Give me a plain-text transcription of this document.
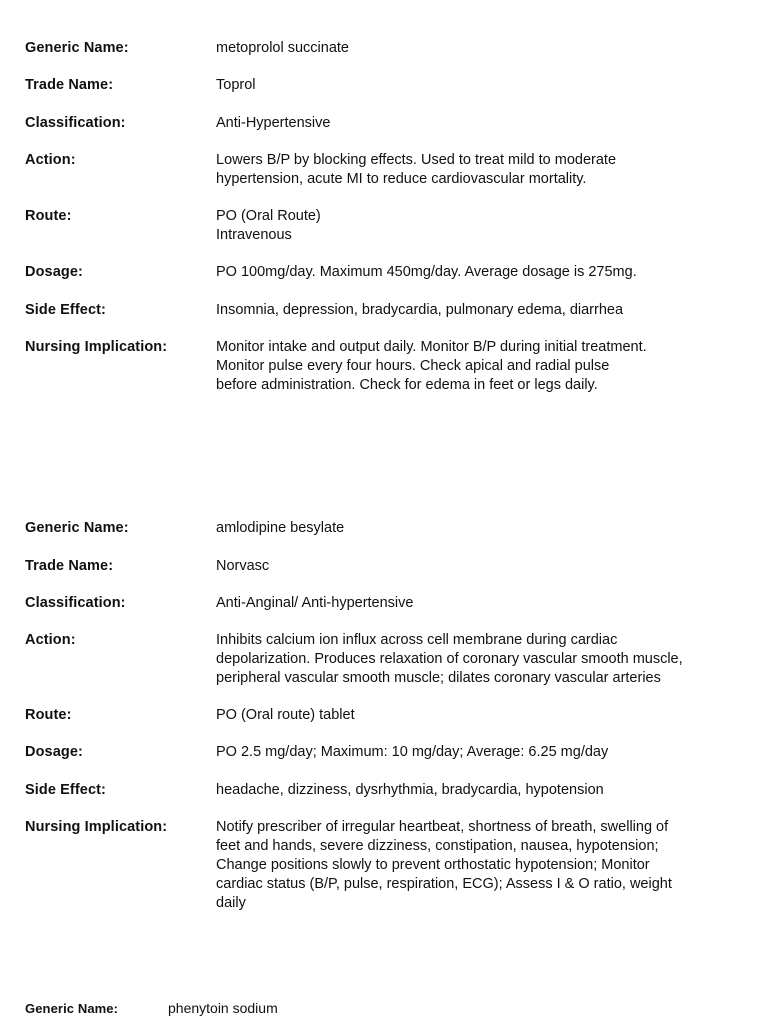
Generic Name:	metoprolol succinate
Trade Name:	Toprol
Classification:	Anti-Hypertensive
Action:	Lowers B/P by blocking effects. Used to treat mild to moderate
hypertension, acute MI to reduce cardiovascular mortality.
Route:	PO (Oral Route)
Intravenous
Dosage:	PO 100mg/day. Maximum 450mg/day. Average dosage is 275mg.
Side Effect:	Insomnia, depression, bradycardia, pulmonary edema, diarrhea
Nursing Implication:	Monitor intake and output daily. Monitor B/P during initial treatment.
Monitor pulse every four hours. Check apical and radial pulse
before administration. Check for edema in feet or legs daily.
Generic Name:	amlodipine besylate
Trade Name:	Norvasc
Classification:	Anti-Anginal/ Anti-hypertensive
Action:	Inhibits calcium ion influx across cell membrane during cardiac
depolarization. Produces relaxation of coronary vascular smooth muscle,
peripheral vascular smooth muscle; dilates coronary vascular arteries
Route:	PO (Oral route) tablet
Dosage:	PO 2.5 mg/day; Maximum: 10 mg/day; Average: 6.25 mg/day
Side Effect:	headache, dizziness, dysrhythmia, bradycardia, hypotension
Nursing Implication:	Notify prescriber of irregular heartbeat, shortness of breath, swelling of
feet and hands, severe dizziness, constipation, nausea, hypotension;
Change positions slowly to prevent orthostatic hypotension; Monitor
cardiac status (B/P, pulse, respiration, ECG); Assess I & O ratio, weight
daily
Generic Name:	phenytoin sodium
